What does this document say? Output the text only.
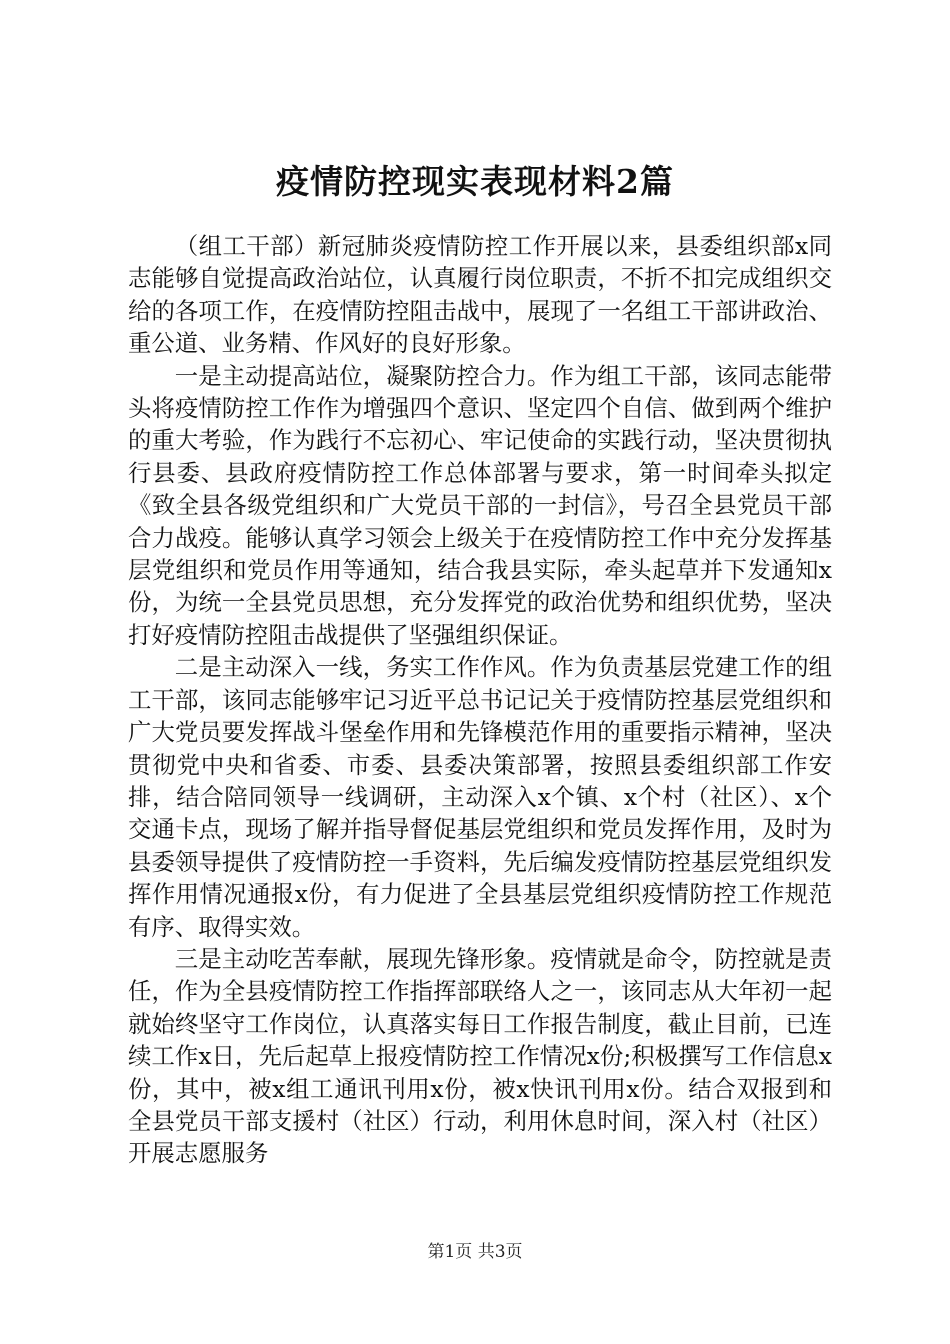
疫情防控现实表现材料2篇

（组工干部）新冠肺炎疫情防控工作开展以来，县委组织部x同志能够自觉提高政治站位，认真履行岗位职责，不折不扣完成组织交给的各项工作，在疫情防控阻击战中，展现了一名组工干部讲政治、重公道、业务精、作风好的良好形象。

一是主动提高站位，凝聚防控合力。作为组工干部，该同志能带头将疫情防控工作作为增强四个意识、坚定四个自信、做到两个维护的重大考验，作为践行不忘初心、牢记使命的实践行动，坚决贯彻执行县委、县政府疫情防控工作总体部署与要求，第一时间牵头拟定《致全县各级党组织和广大党员干部的一封信》，号召全县党员干部合力战疫。能够认真学习领会上级关于在疫情防控工作中充分发挥基层党组织和党员作用等通知，结合我县实际，牵头起草并下发通知x份，为统一全县党员思想，充分发挥党的政治优势和组织优势，坚决打好疫情防控阻击战提供了坚强组织保证。

二是主动深入一线，务实工作作风。作为负责基层党建工作的组工干部，该同志能够牢记习近平总书记记关于疫情防控基层党组织和广大党员要发挥战斗堡垒作用和先锋模范作用的重要指示精神，坚决贯彻党中央和省委、市委、县委决策部署，按照县委组织部工作安排，结合陪同领导一线调研，主动深入x个镇、x个村（社区）、x个交通卡点，现场了解并指导督促基层党组织和党员发挥作用，及时为县委领导提供了疫情防控一手资料，先后编发疫情防控基层党组织发挥作用情况通报x份，有力促进了全县基层党组织疫情防控工作规范有序、取得实效。

三是主动吃苦奉献，展现先锋形象。疫情就是命令，防控就是责任，作为全县疫情防控工作指挥部联络人之一，该同志从大年初一起就始终坚守工作岗位，认真落实每日工作报告制度，截止目前，已连续工作x日，先后起草上报疫情防控工作情况x份;积极撰写工作信息x份，其中，被x组工通讯刊用x份，被x快讯刊用x份。结合双报到和全县党员干部支援村（社区）行动，利用休息时间，深入村（社区）开展志愿服务

第1页 共3页
